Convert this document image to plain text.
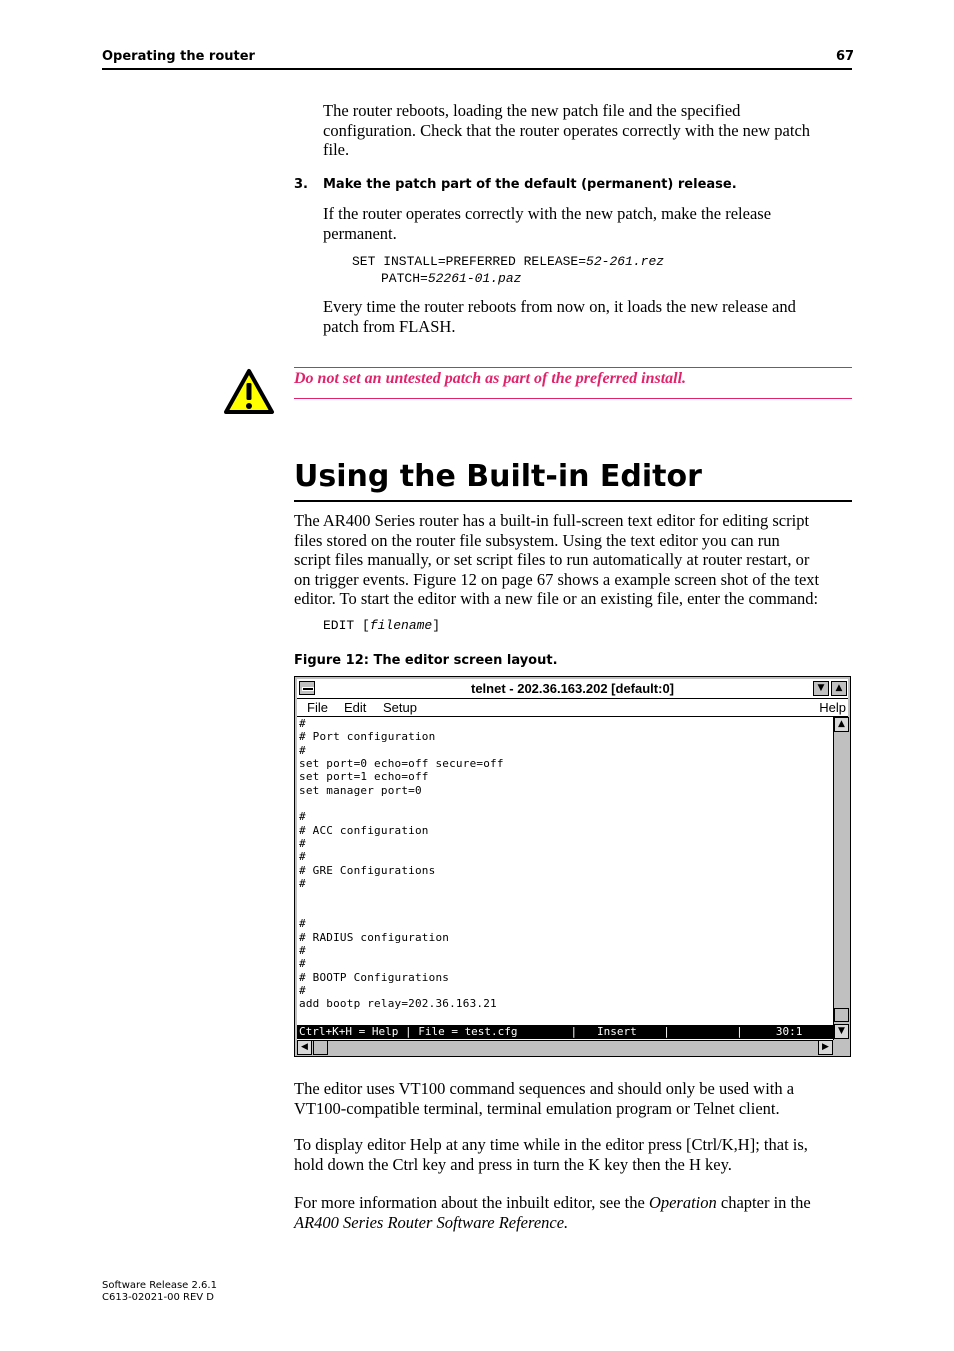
Operating the router	67
The router reboots, loading the new patch file and the specified
configuration. Check that the router operates correctly with the new patch
file.
3. Make the patch part of the default (permanent) release.
If the router operates correctly with the new patch, make the release
permanent.
SET INSTALL=PREFERRED RELEASE=52-261.rez
PATCH=52261-01.paz
Every time the router reboots from now on, it loads the new release and
patch from FLASH.
Do not set an untested patch as part of the preferred install.
Using the Built-in Editor
The AR400 Series router has a built-in full-screen text editor for editing script
files stored on the router file subsystem. Using the text editor you can run
script files manually, or set script files to run automatically at router restart, or
on trigger events. Figure 12 on page 67 shows a example screen shot of the text
editor. To start the editor with a new file or an existing file, enter the command:
EDIT [filename]
Figure 12: The editor screen layout.
telnet - 202.36.163.202 [default:0]	▼	▲
File Edit Setup	Help
#
# Port configuration
#
set port=0 echo=off secure=off
set port=1 echo=off
set manager port=0
#
# ACC configuration
#
#
# GRE Configurations
#
#
# RADIUS configuration
#
#
# BOOTP Configurations
#
add bootp relay=202.36.163.21
Ctrl+K+H = Help | File = test.cfg        |   Insert    |          |     30:1
▲
▼
◀	▶
The editor uses VT100 command sequences and should only be used with a
VT100-compatible terminal, terminal emulation program or Telnet client.
To display editor Help at any time while in the editor press [Ctrl/K,H]; that is,
hold down the Ctrl key and press in turn the K key then the H key.
For more information about the inbuilt editor, see the Operation chapter in the
AR400 Series Router Software Reference.
Software Release 2.6.1
C613-02021-00 REV D
